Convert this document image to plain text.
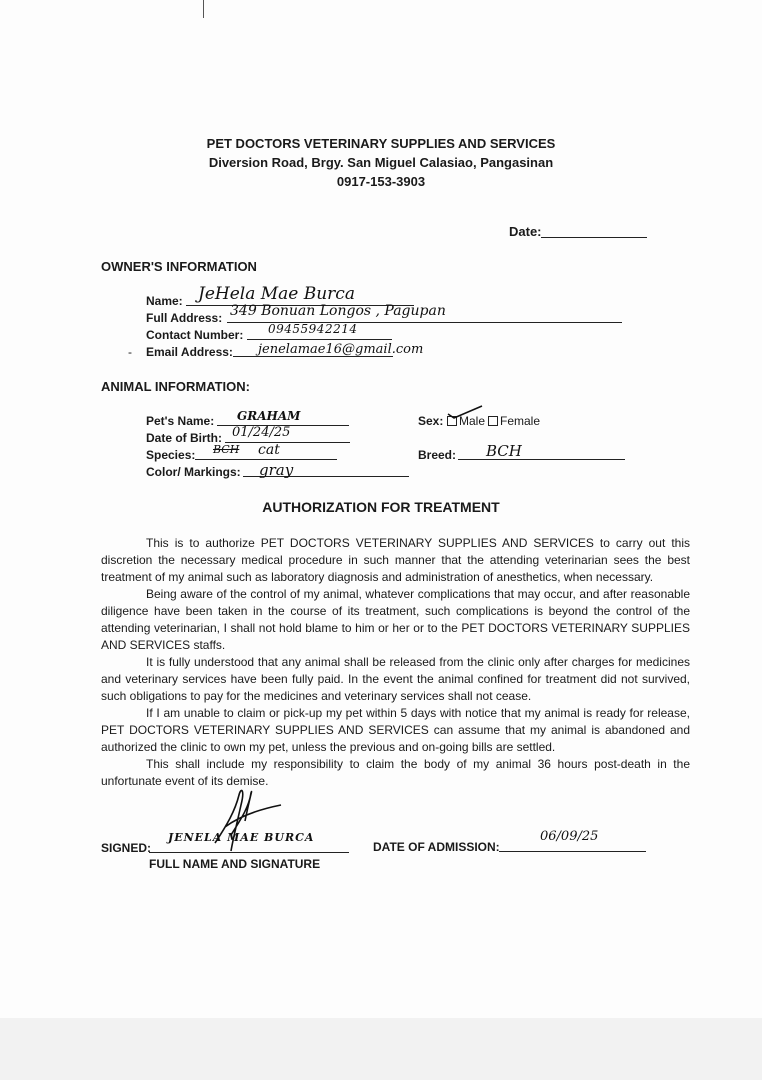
PET DOCTORS VETERINARY SUPPLIES AND SERVICES
Diversion Road, Brgy. San Miguel Calasiao, Pangasinan
0917-153-3903
Date:
OWNER'S INFORMATION
Name: JeHela Mae Burca
Full Address: 349 Bonuan Longos , Pagupan
Contact Number: 09455942214
- Email Address: jenelamae16@gmail.com
ANIMAL INFORMATION:
Pet's Name: GRAHAM
Date of Birth: 01/24/25
Species: BCH cat
Color/ Markings: gray
Sex:	Male	Female
Breed: BCH
AUTHORIZATION FOR TREATMENT

This is to authorize PET DOCTORS VETERINARY SUPPLIES AND SERVICES to carry out this discretion the necessary medical procedure in such manner that the attending veterinarian sees the best treatment of my animal such as laboratory diagnosis and administration of anesthetics, when necessary.

Being aware of the control of my animal, whatever complications that may occur, and after reasonable diligence have been taken in the course of its treatment, such complications is beyond the control of the attending veterinarian, I shall not hold blame to him or her or to the PET DOCTORS VETERINARY SUPPLIES AND SERVICES staffs.

It is fully understood that any animal shall be released from the clinic only after charges for medicines and veterinary services have been fully paid. In the event the animal confined for treatment did not survived, such obligations to pay for the medicines and veterinary services shall not cease.

If I am unable to claim or pick-up my pet within 5 days with notice that my animal is ready for release, PET DOCTORS VETERINARY SUPPLIES AND SERVICES can assume that my animal is abandoned and authorized the clinic to own my pet, unless the previous and on-going bills are settled.

This shall include my responsibility to claim the body of my animal 36 hours post-death in the unfortunate event of its demise.

SIGNED:
JENELA MAE BURCA
FULL NAME AND SIGNATURE
DATE OF ADMISSION:
06/09/25
